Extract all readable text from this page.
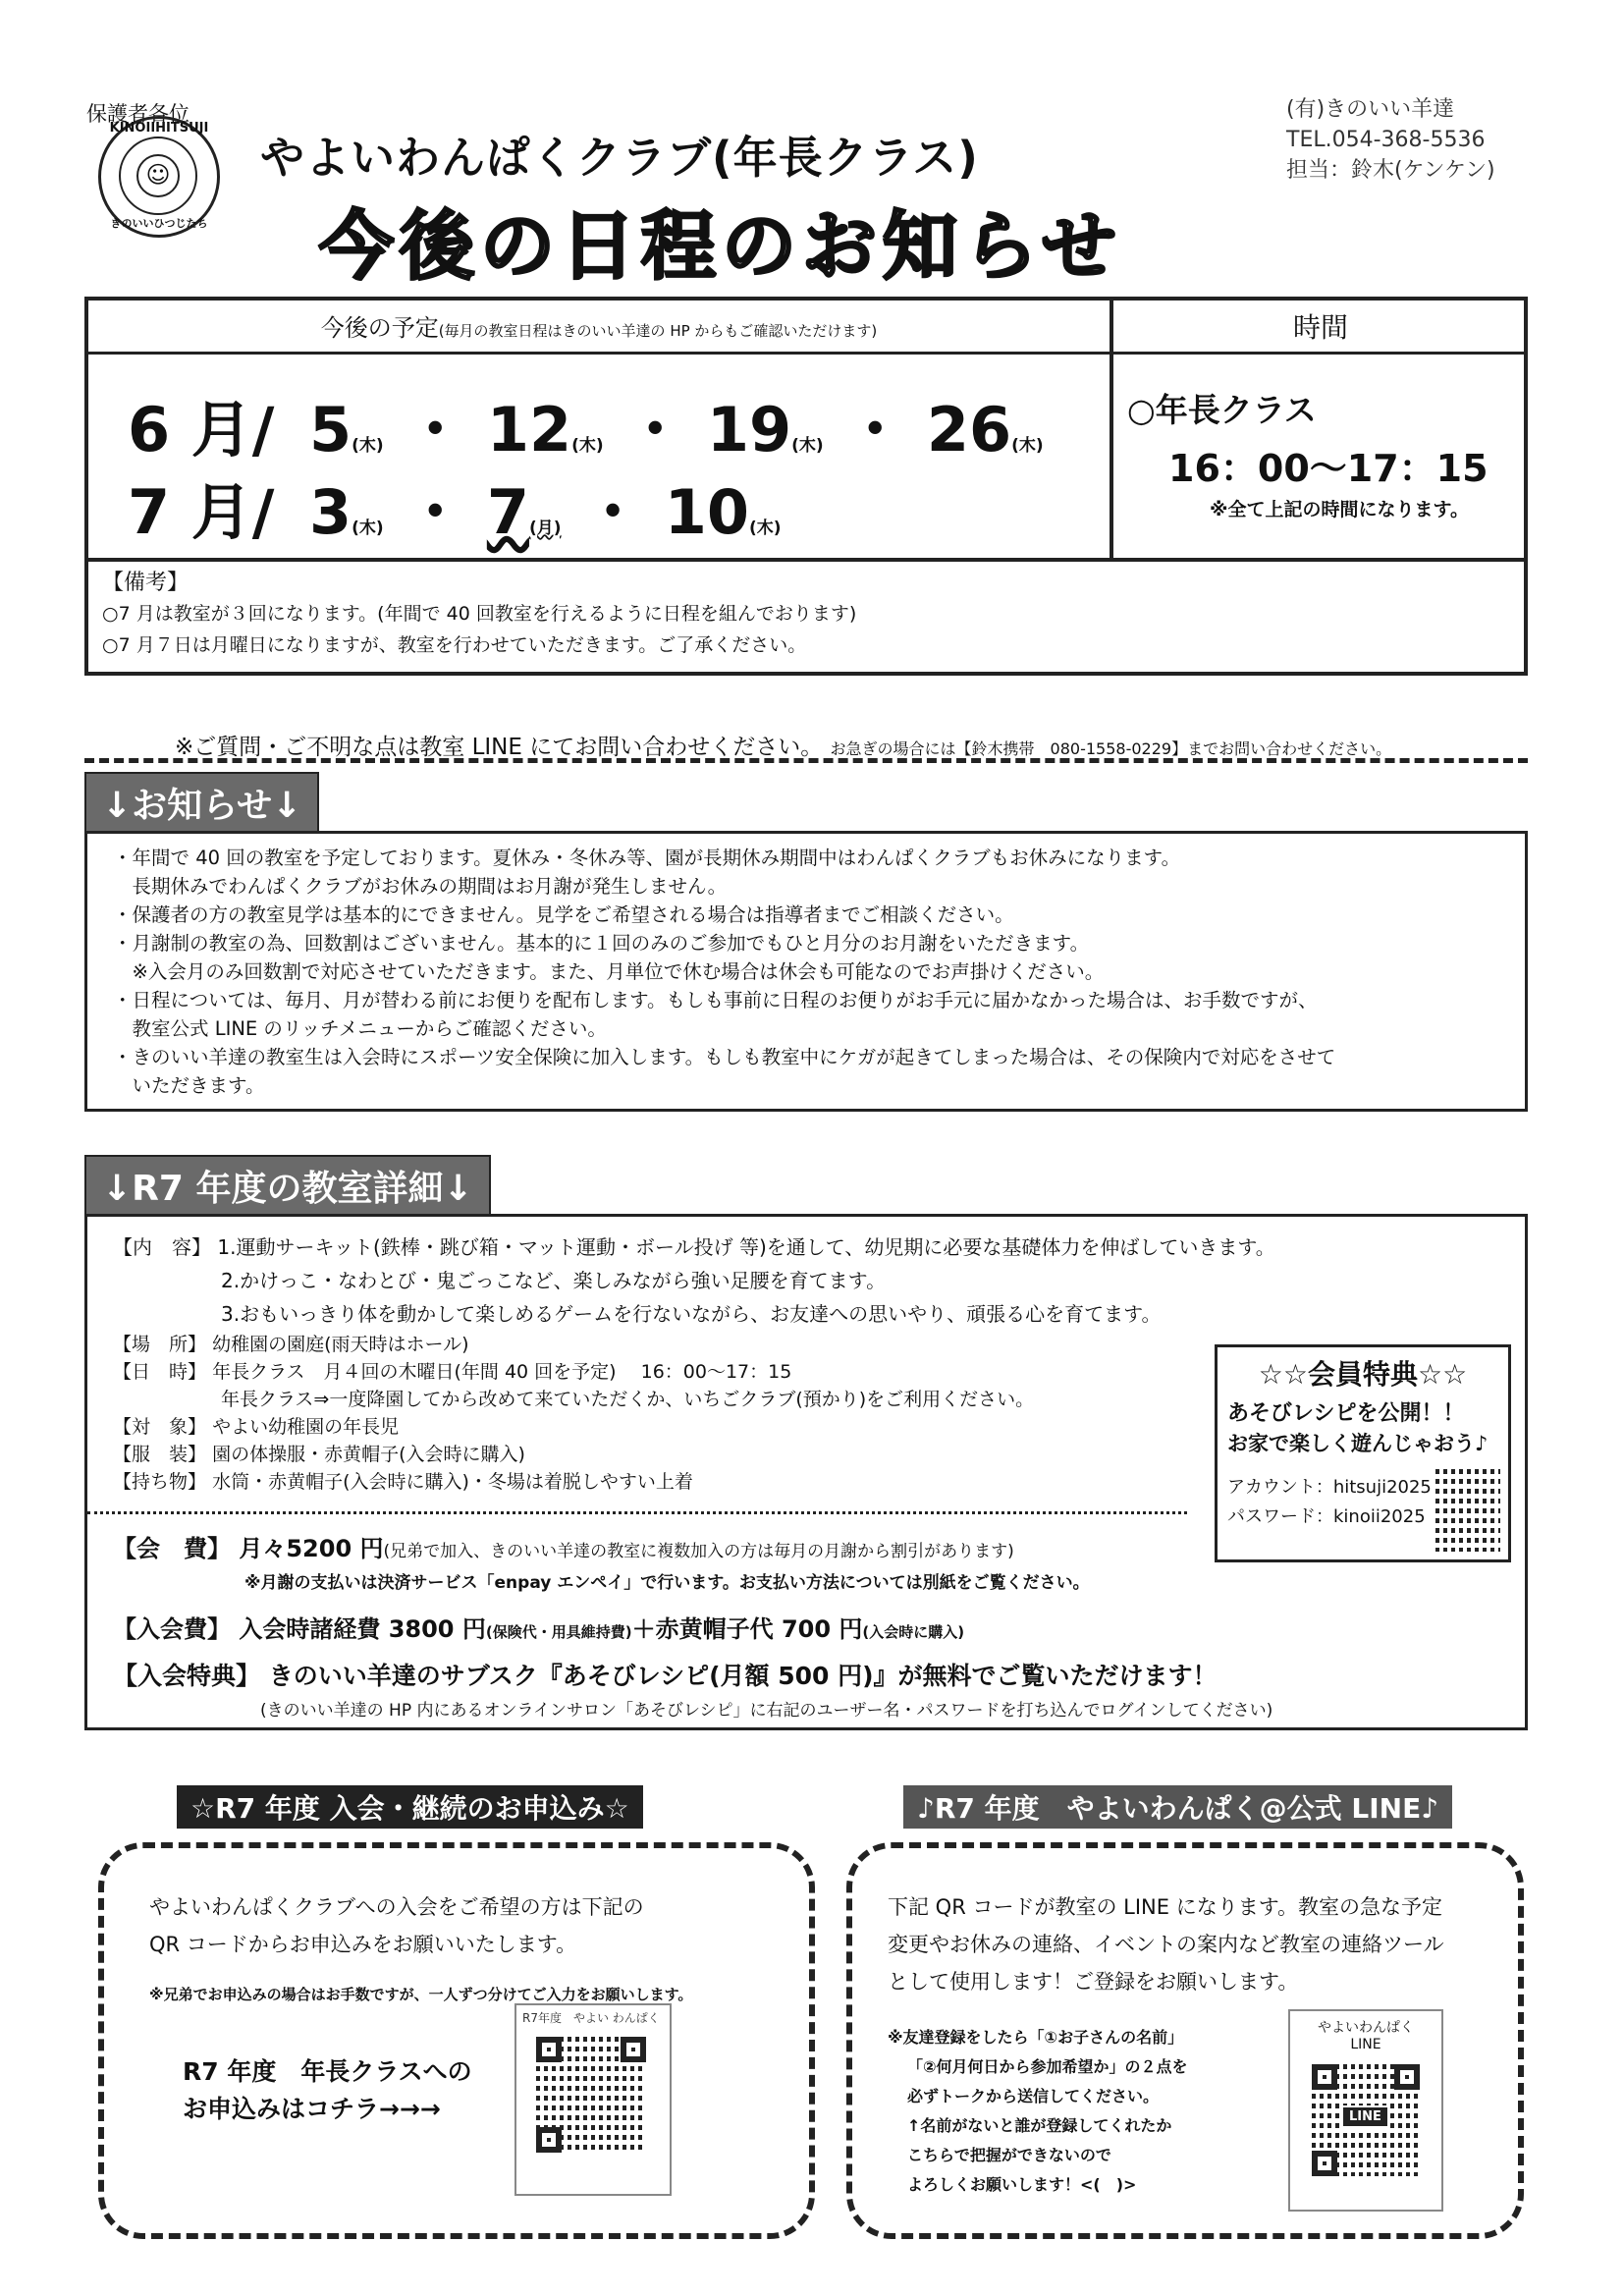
保護者各位	(有)きのいい羊達
TEL.054-368-5536
担当：鈴木(ケンケン)
KINOIIHITSUJI
☺
きのいいひつじたち
やよいわんぱくクラブ(年長クラス)
今後の日程のお知らせ
今後の予定(毎月の教室日程はきのいい羊達の HP からもご確認いただけます)	時間
6 月/ 5(木) ・ 12(木) ・ 19(木) ・ 26(木)
7 月/ 3(木) ・ 7(月) ・ 10(木)
○年長クラス
16：00〜17：15
※全て上記の時間になります。
【備考】
○7 月は教室が３回になります。(年間で 40 回教室を行えるように日程を組んでおります)
○7 月７日は月曜日になりますが、教室を行わせていただきます。ご了承ください。
※ご質問・ご不明な点は教室 LINE にてお問い合わせください。 お急ぎの場合には【鈴木携帯　080-1558-0229】までお問い合わせください。
↓お知らせ↓

・年間で 40 回の教室を予定しております。夏休み・冬休み等、園が長期休み期間中はわんぱくクラブもお休みになります。

　長期休みでわんぱくクラブがお休みの期間はお月謝が発生しません。

・保護者の方の教室見学は基本的にできません。見学をご希望される場合は指導者までご相談ください。

・月謝制の教室の為、回数割はございません。基本的に１回のみのご参加でもひと月分のお月謝をいただきます。

　※入会月のみ回数割で対応させていただきます。また、月単位で休む場合は休会も可能なのでお声掛けください。

・日程については、毎月、月が替わる前にお便りを配布します。もしも事前に日程のお便りがお手元に届かなかった場合は、お手数ですが、

　教室公式 LINE のリッチメニューからご確認ください。

・きのいい羊達の教室生は入会時にスポーツ安全保険に加入します。もしも教室中にケガが起きてしまった場合は、その保険内で対応をさせて

　いただきます。

↓R7 年度の教室詳細↓

【内　容】 1.運動サーキット(鉄棒・跳び箱・マット運動・ボール投げ 等)を通して、幼児期に必要な基礎体力を伸ばしていきます。

2.かけっこ・なわとび・鬼ごっこなど、楽しみながら強い足腰を育てます。

3.おもいっきり体を動かして楽しめるゲームを行ないながら、お友達への思いやり、頑張る心を育てます。

【場　所】 幼稚園の園庭(雨天時はホール)

【日　時】 年長クラス　月４回の木曜日(年間 40 回を予定)　 16：00〜17：15

年長クラス⇒一度降園してから改めて来ていただくか、いちごクラブ(預かり)をご利用ください。

【対　象】 やよい幼稚園の年長児

【服　装】 園の体操服・赤黄帽子(入会時に購入)

【持ち物】 水筒・赤黄帽子(入会時に購入)・冬場は着脱しやすい上着

【会　費】 月々5200 円(兄弟で加入、きのいい羊達の教室に複数加入の方は毎月の月謝から割引があります)
※月謝の支払いは決済サービス「enpay エンペイ」で行います。お支払い方法については別紙をご覧ください。
【入会費】 入会時諸経費 3800 円(保険代・用具維持費)＋赤黄帽子代 700 円(入会時に購入)
【入会特典】 きのいい羊達のサブスク『あそびレシピ(月額 500 円)』が無料でご覧いただけます！
(きのいい羊達の HP 内にあるオンラインサロン「あそびレシピ」に右記のユーザー名・パスワードを打ち込んでログインしてください)
☆☆会員特典☆☆
あそびレシピを公開！！
お家で楽しく遊んじゃおう♪
アカウント：hitsuji2025
パスワード：kinoii2025
☆R7 年度 入会・継続のお申込み☆
やよいわんぱくクラブへの入会をご希望の方は下記の
QR コードからお申込みをお願いいたします。
※兄弟でお申込みの場合はお手数ですが、一人ずつ分けてご入力をお願いします。
R7 年度　年長クラスへの
お申込みはコチラ→→→
R7年度　やよい わんぱく
♪R7 年度　やよいわんぱく@公式 LINE♪
下記 QR コードが教室の LINE になります。教室の急な予定
変更やお休みの連絡、イベントの案内など教室の連絡ツール
として使用します！ご登録をお願いします。
※友達登録をしたら「①お子さんの名前」
「②何月何日から参加希望か」の２点を
必ずトークから送信してください。
↑名前がないと誰が登録してくれたか
こちらで把握ができないので
よろしくお願いします！<(　)>
やよいわんぱく
LINE
LINE
